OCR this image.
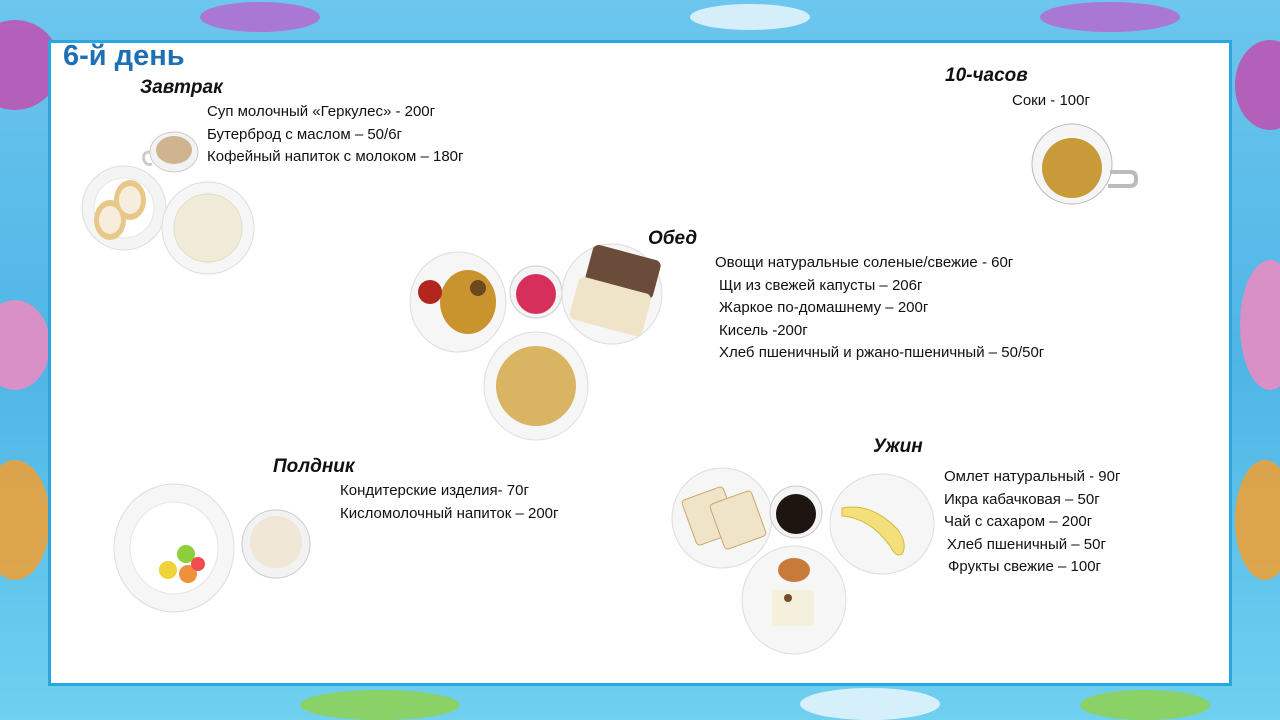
6-й день
Завтрак
Суп молочный «Геркулес» - 200г
Бутерброд с маслом – 50/6г
Кофейный напиток с молоком – 180г
10-часов
Соки - 100г
Обед
Овощи натуральные соленые/свежие - 60г
Щи из свежей капусты – 206г
Жаркое по-домашнему – 200г
Кисель -200г
Хлеб пшеничный и ржано-пшеничный – 50/50г
Полдник
Кондитерские изделия- 70г
Кисломолочный напиток – 200г
Ужин
Омлет натуральный - 90г
Икра кабачковая – 50г
Чай с сахаром – 200г
Хлеб пшеничный – 50г
Фрукты свежие – 100г
